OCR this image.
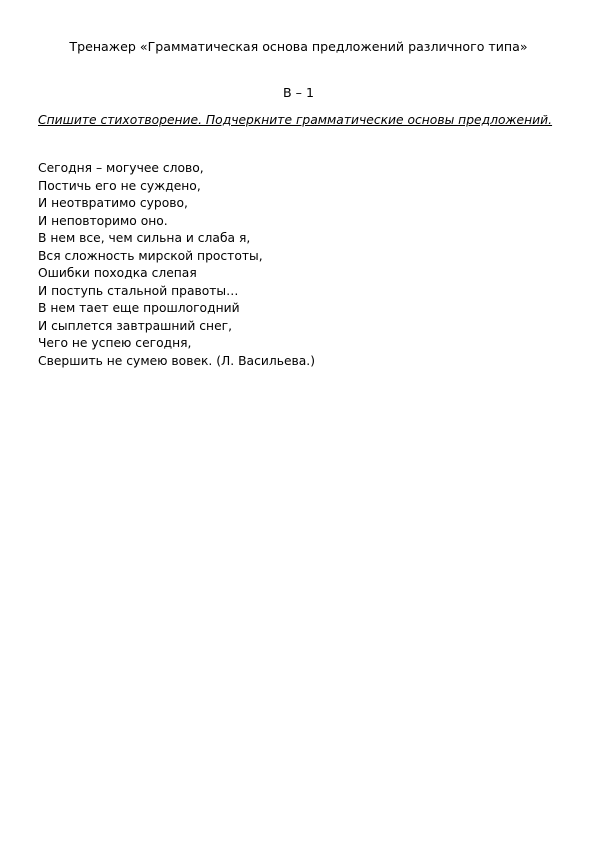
Тренажер «Грамматическая основа предложений различного типа»
В – 1
Спишите стихотворение. Подчеркните грамматические основы предложений.
Сегодня – могучее слово,
Постичь его не суждено,
И неотвратимо сурово,
И неповторимо оно.
В нем все, чем сильна и слаба я,
Вся сложность мирской простоты,
Ошибки походка слепая
И поступь стальной правоты…
В нем тает еще прошлогодний
И сыплется завтрашний снег,
Чего не успею сегодня,
Свершить не сумею вовек. (Л. Васильева.)
